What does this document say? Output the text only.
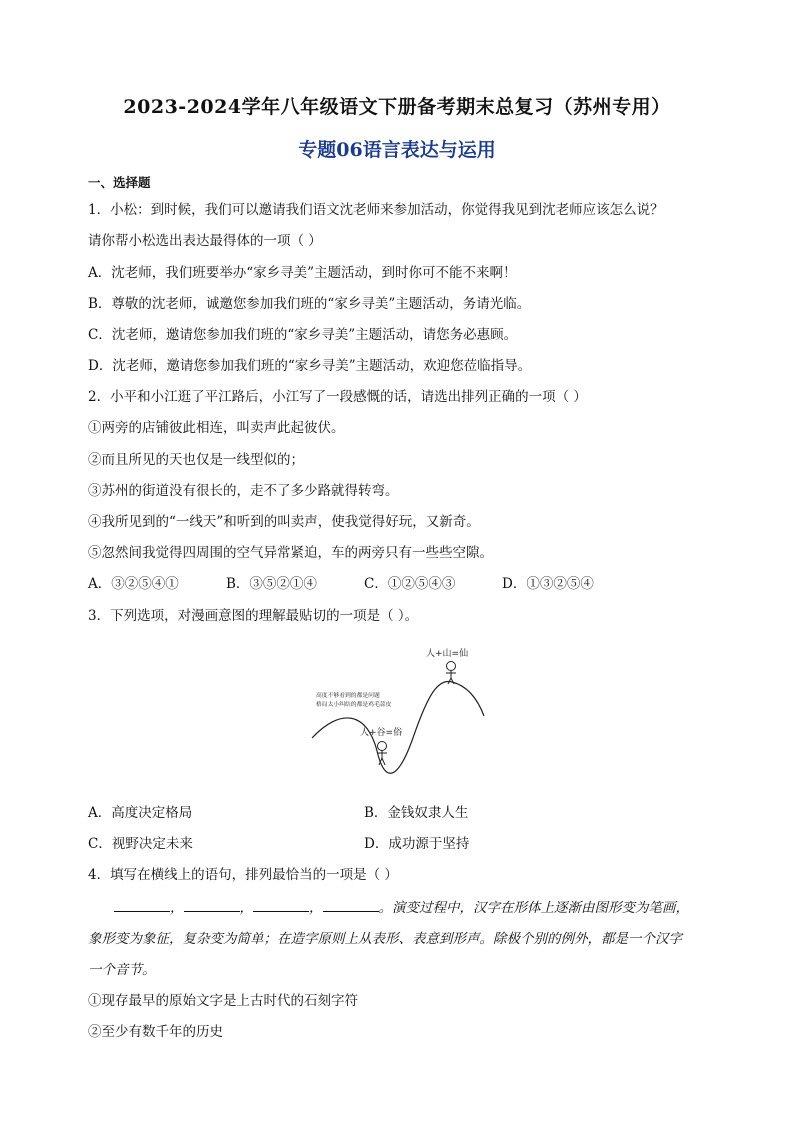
2023-2024学年八年级语文下册备考期末总复习（苏州专用）
专题06语言表达与运用
一、选择题
1．小松：到时候，我们可以邀请我们语文沈老师来参加活动，你觉得我见到沈老师应该怎么说？
请你帮小松选出表达最得体的一项（ ）
A．沈老师，我们班要举办“家乡寻美”主题活动，到时你可不能不来啊！
B．尊敬的沈老师，诚邀您参加我们班的“家乡寻美”主题活动，务请光临。
C．沈老师，邀请您参加我们班的“家乡寻美”主题活动，请您务必惠顾。
D．沈老师，邀请您参加我们班的“家乡寻美”主题活动，欢迎您莅临指导。
2．小平和小江逛了平江路后，小江写了一段感慨的话，请选出排列正确的一项（ ）
①两旁的店铺彼此相连，叫卖声此起彼伏。
②而且所见的天也仅是一线型似的；
③苏州的街道没有很长的，走不了多少路就得转弯。
④我所见到的“一线天”和听到的叫卖声，使我觉得好玩，又新奇。
⑤忽然间我觉得四周围的空气异常紧迫，车的两旁只有一些些空隙。
A．③②⑤④①	B．③⑤②①④	C．①②⑤④③	D．①③②⑤④
3．下列选项，对漫画意图的理解最贴切的一项是（ ）。
人+山=仙
高度不够看到的都是问题
格局太小纠结的都是鸡毛蒜皮
人+谷=俗
A．高度决定格局	B．金钱奴隶人生
C．视野决定未来	D．成功源于坚持
4．填写在横线上的语句，排列最恰当的一项是（ ）
，	，	，	。演变过程中，汉字在形体上逐渐由图形变为笔画，
象形变为象征，复杂变为简单；在造字原则上从表形、表意到形声。除极个别的例外，都是一个汉字
一个音节。
①现存最早的原始文字是上古时代的石刻字符
②至少有数千年的历史
